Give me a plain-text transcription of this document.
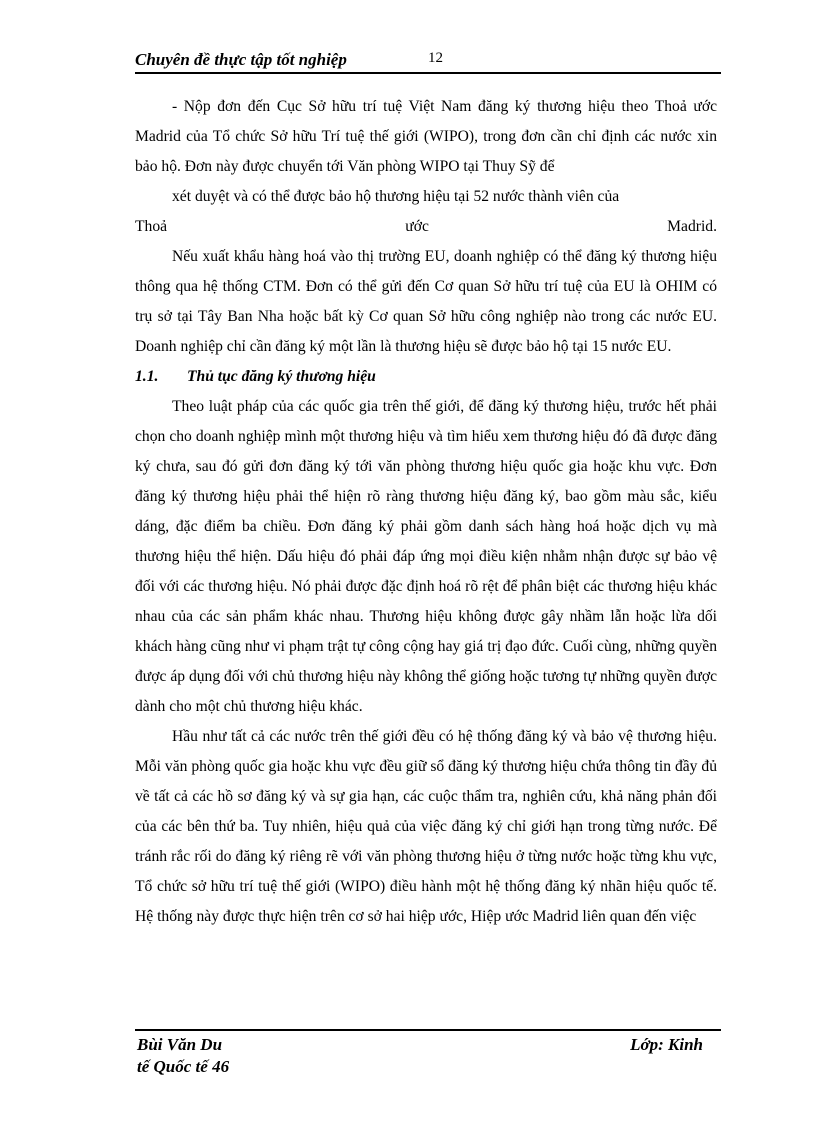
Chuyên đề thực tập tốt nghiệp	12

- Nộp đơn đến Cục Sở hữu trí tuệ Việt Nam đăng ký thương hiệu theo Thoả ước Madrid của Tổ chức Sở hữu Trí tuệ thế giới (WIPO), trong đơn cần chỉ định các nước xin bảo hộ. Đơn này được chuyển tới Văn phòng WIPO tại Thuy Sỹ để

xét duyệt và có thể được bảo hộ thương hiệu tại 52 nước thành viên của

Thoả	ước	Madrid.

Nếu xuất khẩu hàng hoá vào thị trường EU, doanh nghiệp có thể đăng ký thương hiệu thông qua hệ thống CTM. Đơn có thể gửi đến Cơ quan Sở hữu trí tuệ của EU là OHIM có trụ sở tại Tây Ban Nha hoặc bất kỳ Cơ quan Sở hữu công nghiệp nào trong các nước EU. Doanh nghiệp chỉ cần đăng ký một lần là thương hiệu sẽ được bảo hộ tại 15 nước EU.

1.1. Thủ tục đăng ký thương hiệu

Theo luật pháp của các quốc gia trên thế giới, để đăng ký thương hiệu, trước hết phải chọn cho doanh nghiệp mình một thương hiệu và tìm hiểu xem thương hiệu đó đã được đăng ký chưa, sau đó gửi đơn đăng ký tới văn phòng thương hiệu quốc gia hoặc khu vực. Đơn đăng ký thương hiệu phải thể hiện rõ ràng thương hiệu đăng ký, bao gồm màu sắc, kiểu dáng, đặc điểm ba chiều. Đơn đăng ký phải gồm danh sách hàng hoá hoặc dịch vụ mà thương hiệu thể hiện. Dấu hiệu đó phải đáp ứng mọi điều kiện nhằm nhận được sự bảo vệ đối với các thương hiệu. Nó phải được đặc định hoá rõ rệt để phân biệt các thương hiệu khác nhau của các sản phẩm khác nhau. Thương hiệu không được gây nhầm lẫn hoặc lừa dối khách hàng cũng như vi phạm trật tự công cộng hay giá trị đạo đức. Cuối cùng, những quyền được áp dụng đối với chủ thương hiệu này không thể giống hoặc tương tự những quyền được dành cho một chủ thương hiệu khác.

Hầu như tất cả các nước trên thế giới đều có hệ thống đăng ký và bảo vệ thương hiệu. Mỗi văn phòng quốc gia hoặc khu vực đều giữ sổ đăng ký thương hiệu chứa thông tin đầy đủ về tất cả các hồ sơ đăng ký và sự gia hạn, các cuộc thẩm tra, nghiên cứu, khả năng phản đối của các bên thứ ba. Tuy nhiên, hiệu quả của việc đăng ký chỉ giới hạn trong từng nước. Để tránh rắc rối do đăng ký riêng rẽ với văn phòng thương hiệu ở từng nước hoặc từng khu vực, Tổ chức sở hữu trí tuệ thế giới (WIPO) điều hành một hệ thống đăng ký nhãn hiệu quốc tế. Hệ thống này được thực hiện trên cơ sở hai hiệp ước, Hiệp ước Madrid liên quan đến việc

Bùi Văn Du	Lớp: Kinh
tế Quốc tế 46
